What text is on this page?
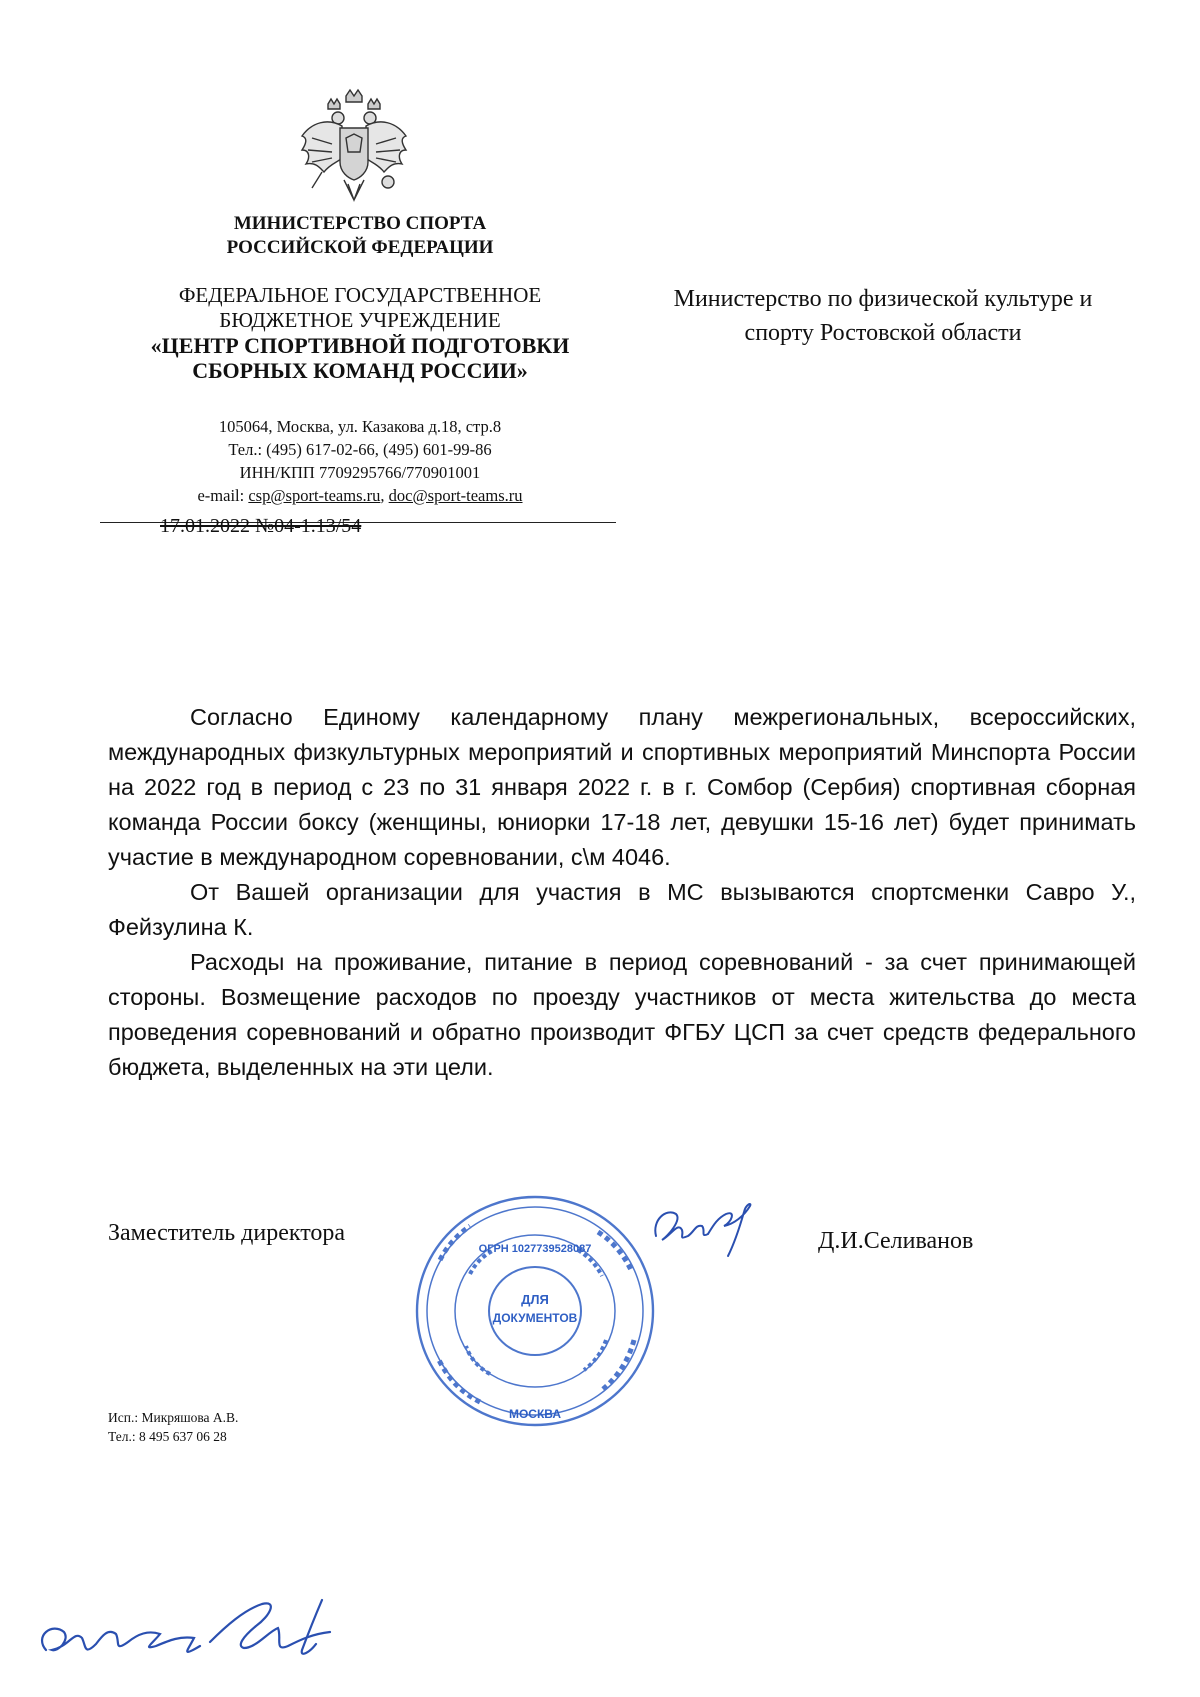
МИНИСТЕРСТВО СПОРТА
РОССИЙСКОЙ ФЕДЕРАЦИИ
ФЕДЕРАЛЬНОЕ ГОСУДАРСТВЕННОЕ
БЮДЖЕТНОЕ УЧРЕЖДЕНИЕ
«ЦЕНТР СПОРТИВНОЙ ПОДГОТОВКИ
СБОРНЫХ КОМАНД РОССИИ»
105064, Москва, ул. Казакова д.18, стр.8
Тел.: (495) 617-02-66, (495) 601-99-86
ИНН/КПП 7709295766/770901001
e-mail: csp@sport-teams.ru, doc@sport-teams.ru
17.01.2022 №04-1.13/54
Министерство по физической культуре и
спорту Ростовской области

Согласно Единому календарному плану межрегиональных, всероссийских, международных физкультурных мероприятий и спортивных мероприятий Минспорта России на 2022 год в период с 23 по 31 января 2022 г. в г. Сомбор (Сербия) спортивная сборная команда России боксу (женщины, юниорки 17-18 лет, девушки 15-16 лет) будет принимать участие в международном соревновании, с\м 4046.

От Вашей организации для участия в МС вызываются спортсменки Савро У., Фейзулина К.

Расходы на проживание, питание в период соревнований - за счет принимающей стороны. Возмещение расходов по проезду участников от места жительства до места проведения соревнований и обратно производит ФГБУ ЦСП за счет средств федерального бюджета, выделенных на эти цели.

Заместитель директора	Д.И.Селиванов
ДЛЯ
ДОКУМЕНТОВ
ОГРН 1027739528087
МОСКВА
Исп.: Микряшова А.В.
Тел.: 8 495 637 06 28
